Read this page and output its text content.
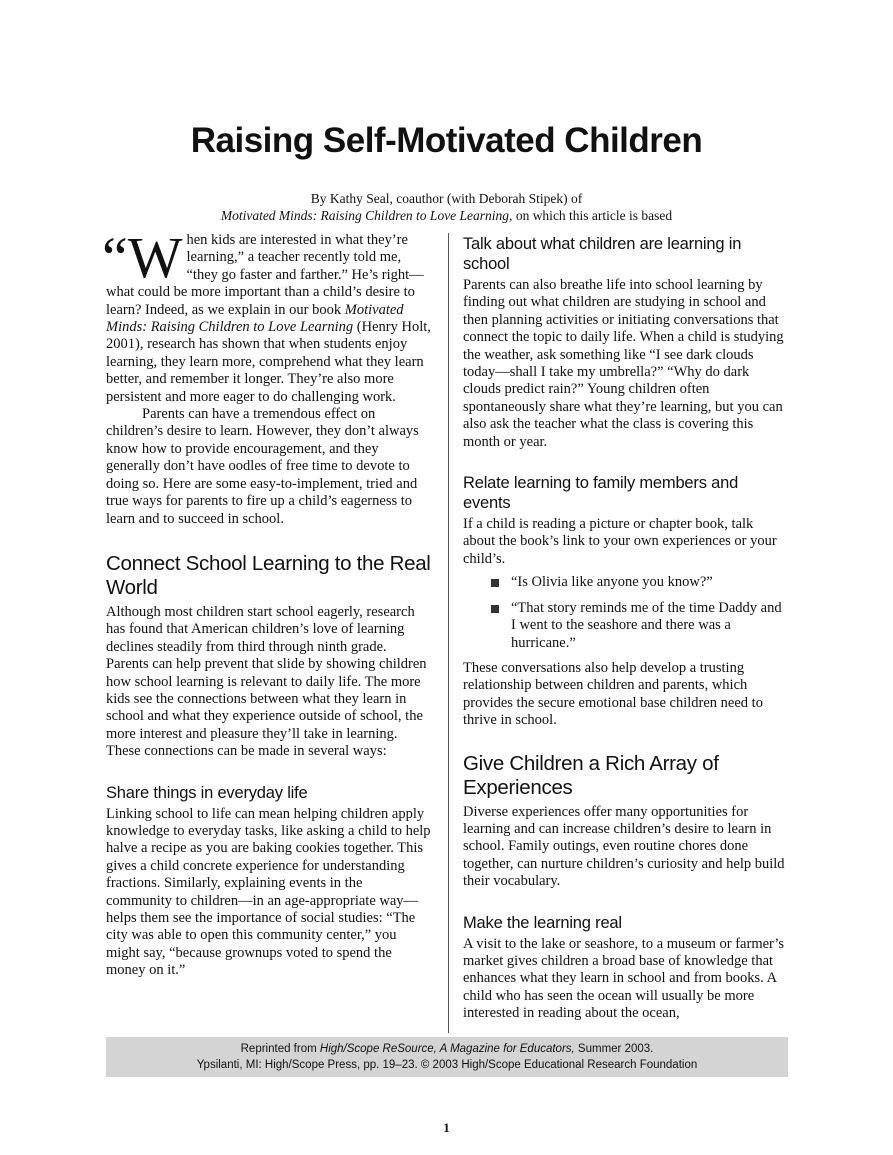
Raising Self-Motivated Children
By Kathy Seal, coauthor (with Deborah Stipek) of
Motivated Minds: Raising Children to Love Learning, on which this article is based

“W hen kids are interested in what they’re learning,” a teacher recently told me, “they go faster and farther.” He’s right—what could be more important than a child’s desire to learn? Indeed, as we explain in our book Motivated Minds: Raising Children to Love Learning (Henry Holt, 2001), research has shown that when students enjoy learning, they learn more, comprehend what they learn better, and remember it longer. They’re also more persistent and more eager to do challenging work.

Parents can have a tremendous effect on children’s desire to learn. However, they don’t always know how to provide encouragement, and they generally don’t have oodles of free time to devote to doing so. Here are some easy-to-implement, tried and true ways for parents to fire up a child’s eagerness to learn and to succeed in school.

Connect School Learning to the Real World

Although most children start school eagerly, research has found that American children’s love of learning declines steadily from third through ninth grade. Parents can help prevent that slide by showing children how school learning is relevant to daily life. The more kids see the connections between what they learn in school and what they experience outside of school, the more interest and pleasure they’ll take in learning. These connections can be made in several ways:

Share things in everyday life

Linking school to life can mean helping children apply knowledge to everyday tasks, like asking a child to help halve a recipe as you are baking cookies together. This gives a child concrete experience for understanding fractions. Similarly, explaining events in the community to children—in an age-appropriate way—helps them see the importance of social studies: “The city was able to open this community center,” you might say, “because grownups voted to spend the money on it.”

Talk about what children are learning in school

Parents can also breathe life into school learning by finding out what children are studying in school and then planning activities or initiating conversations that connect the topic to daily life. When a child is studying the weather, ask something like “I see dark clouds today—shall I take my umbrella?” “Why do dark clouds predict rain?” Young children often spontaneously share what they’re learning, but you can also ask the teacher what the class is covering this month or year.

Relate learning to family members and events

If a child is reading a picture or chapter book, talk about the book’s link to your own experiences or your child’s.

“Is Olivia like anyone you know?”
“That story reminds me of the time Daddy and I went to the seashore and there was a hurricane.”

These conversations also help develop a trusting relationship between children and parents, which provides the secure emotional base children need to thrive in school.

Give Children a Rich Array of Experiences

Diverse experiences offer many opportunities for learning and can increase children’s desire to learn in school. Family outings, even routine chores done together, can nurture children’s curiosity and help build their vocabulary.

Make the learning real

A visit to the lake or seashore, to a museum or farmer’s market gives children a broad base of knowledge that enhances what they learn in school and from books. A child who has seen the ocean will usually be more interested in reading about the ocean,

Reprinted from High/Scope ReSource, A Magazine for Educators, Summer 2003.
Ypsilanti, MI: High/Scope Press, pp. 19–23. © 2003 High/Scope Educational Research Foundation
1
